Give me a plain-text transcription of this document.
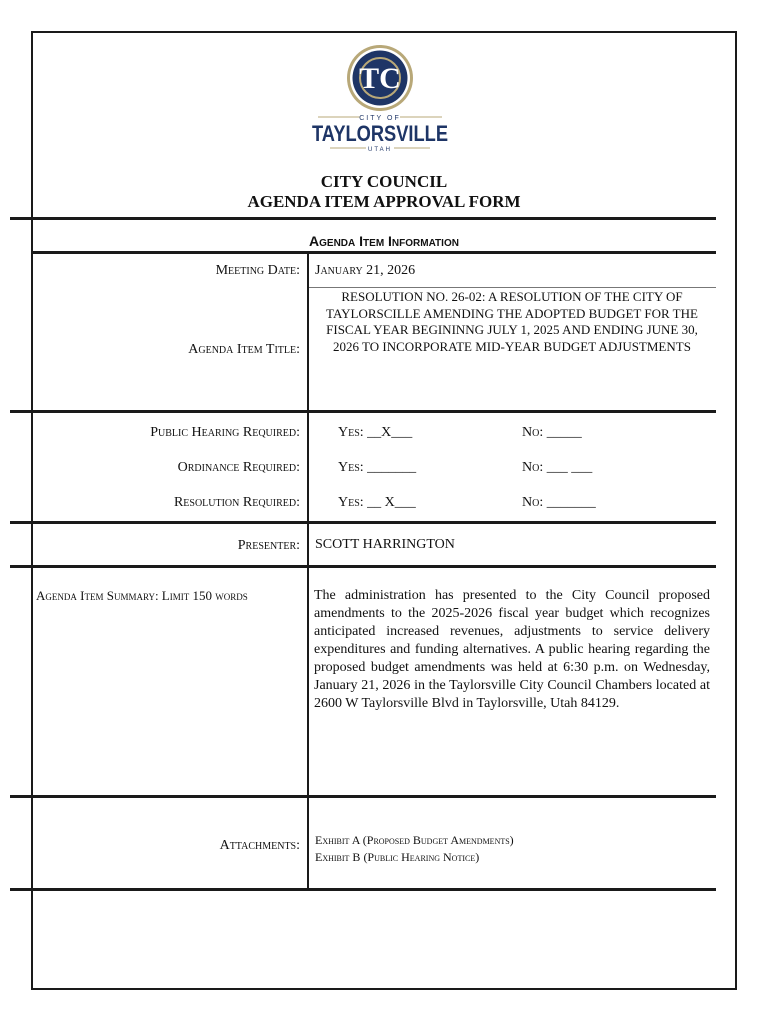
TC
CITY OF
TAYLORSVILLE
UTAH
CITY COUNCIL
AGENDA ITEM APPROVAL FORM
Agenda Item Information
Meeting Date: January 21, 2026
Agenda Item Title:
RESOLUTION NO. 26-02: A RESOLUTION OF THE CITY OF TAYLORSCILLE AMENDING THE ADOPTED BUDGET FOR THE FISCAL YEAR BEGININNG JULY 1, 2025 AND ENDING JUNE 30, 2026 TO INCORPORATE MID-YEAR BUDGET ADJUSTMENTS
Public Hearing Required:	Yes: __X___	No: _____
Ordinance Required:	Yes: _______	No: ___ ___
Resolution Required:	Yes: __ X___	No: _______
Presenter: SCOTT HARRINGTON
Agenda Item Summary: Limit 150 words	The administration has presented to the City Council proposed amendments to the 2025-2026 fiscal year budget which recognizes anticipated increased revenues, adjustments to service delivery expenditures and funding alternatives. A public hearing regarding the proposed budget amendments was held at 6:30 p.m. on Wednesday, January 21, 2026 in the Taylorsville City Council Chambers located at 2600 W Taylorsville Blvd in Taylorsville, Utah 84129.
Attachments: Exhibit A (Proposed Budget Amendments)
Exhibit B (Public Hearing Notice)
